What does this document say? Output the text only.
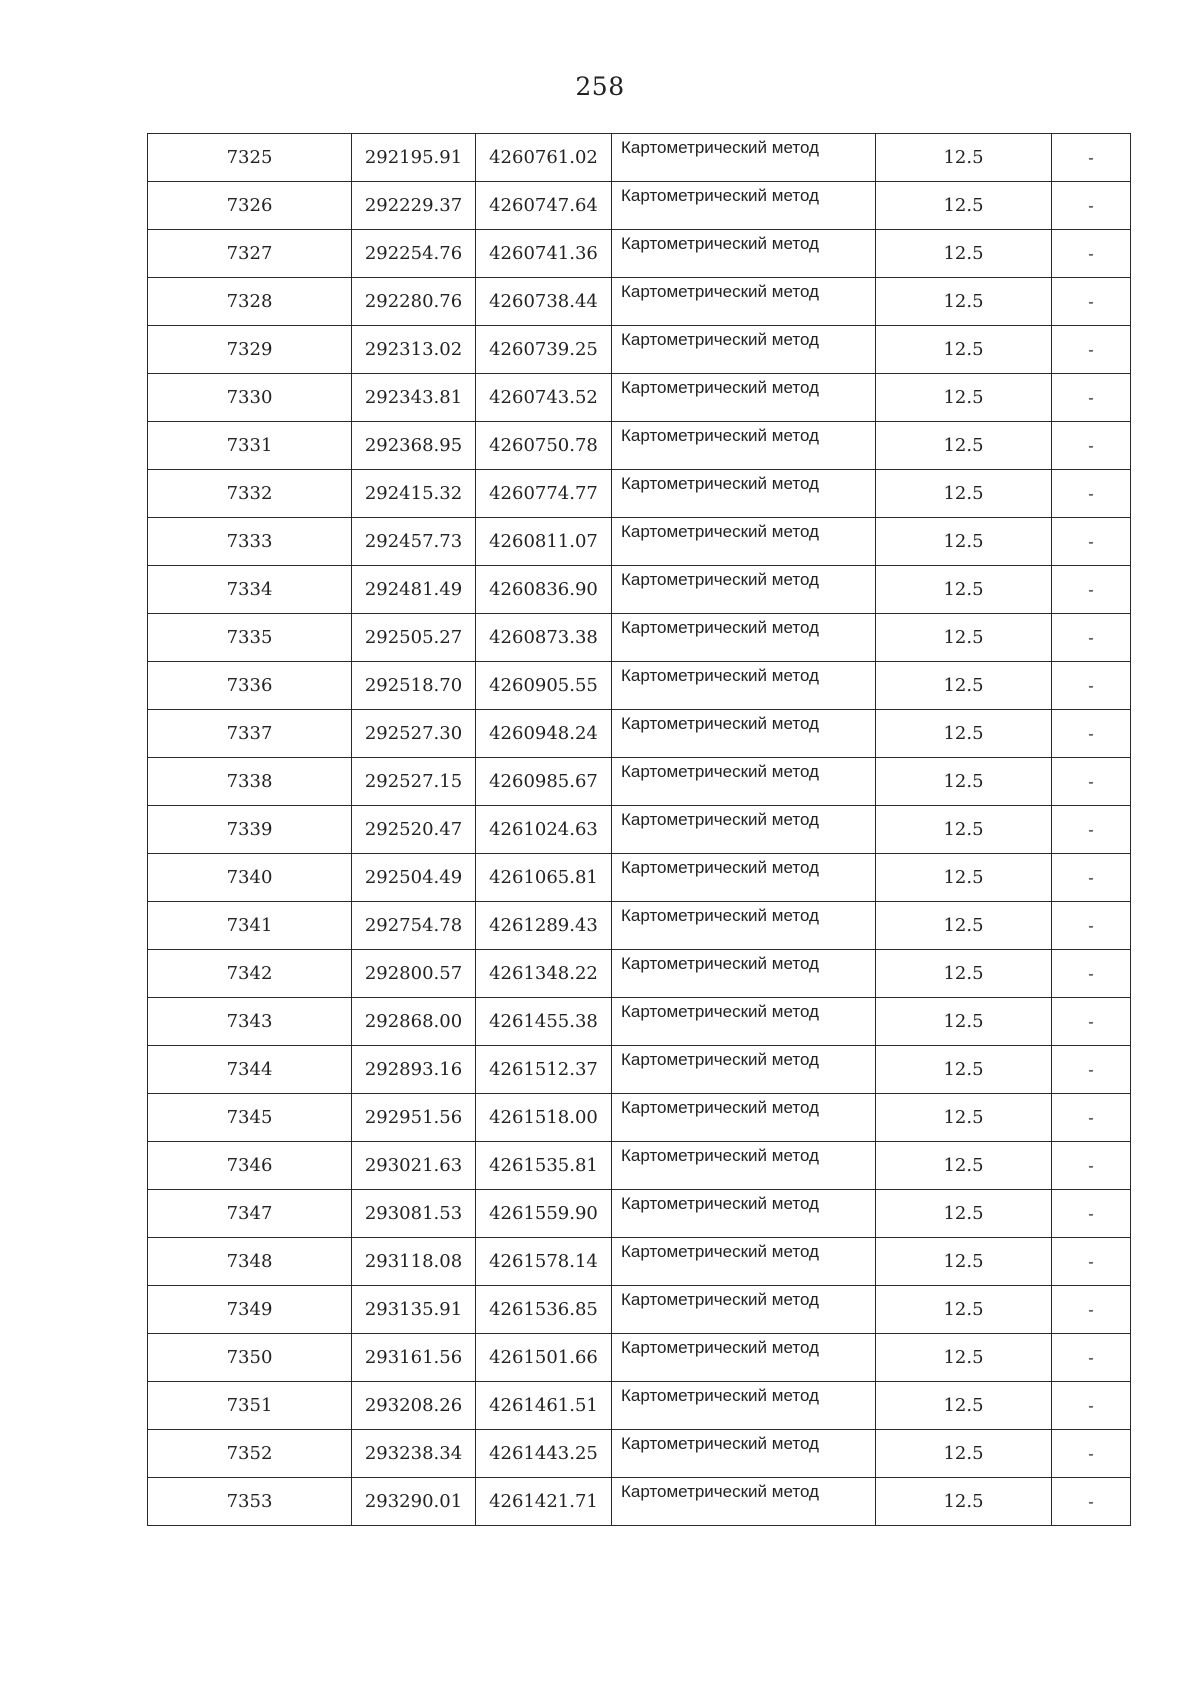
258
7325	292195.91	4260761.02	Картометрический метод	12.5	-
7326	292229.37	4260747.64	Картометрический метод	12.5	-
7327	292254.76	4260741.36	Картометрический метод	12.5	-
7328	292280.76	4260738.44	Картометрический метод	12.5	-
7329	292313.02	4260739.25	Картометрический метод	12.5	-
7330	292343.81	4260743.52	Картометрический метод	12.5	-
7331	292368.95	4260750.78	Картометрический метод	12.5	-
7332	292415.32	4260774.77	Картометрический метод	12.5	-
7333	292457.73	4260811.07	Картометрический метод	12.5	-
7334	292481.49	4260836.90	Картометрический метод	12.5	-
7335	292505.27	4260873.38	Картометрический метод	12.5	-
7336	292518.70	4260905.55	Картометрический метод	12.5	-
7337	292527.30	4260948.24	Картометрический метод	12.5	-
7338	292527.15	4260985.67	Картометрический метод	12.5	-
7339	292520.47	4261024.63	Картометрический метод	12.5	-
7340	292504.49	4261065.81	Картометрический метод	12.5	-
7341	292754.78	4261289.43	Картометрический метод	12.5	-
7342	292800.57	4261348.22	Картометрический метод	12.5	-
7343	292868.00	4261455.38	Картометрический метод	12.5	-
7344	292893.16	4261512.37	Картометрический метод	12.5	-
7345	292951.56	4261518.00	Картометрический метод	12.5	-
7346	293021.63	4261535.81	Картометрический метод	12.5	-
7347	293081.53	4261559.90	Картометрический метод	12.5	-
7348	293118.08	4261578.14	Картометрический метод	12.5	-
7349	293135.91	4261536.85	Картометрический метод	12.5	-
7350	293161.56	4261501.66	Картометрический метод	12.5	-
7351	293208.26	4261461.51	Картометрический метод	12.5	-
7352	293238.34	4261443.25	Картометрический метод	12.5	-
7353	293290.01	4261421.71	Картометрический метод	12.5	-
